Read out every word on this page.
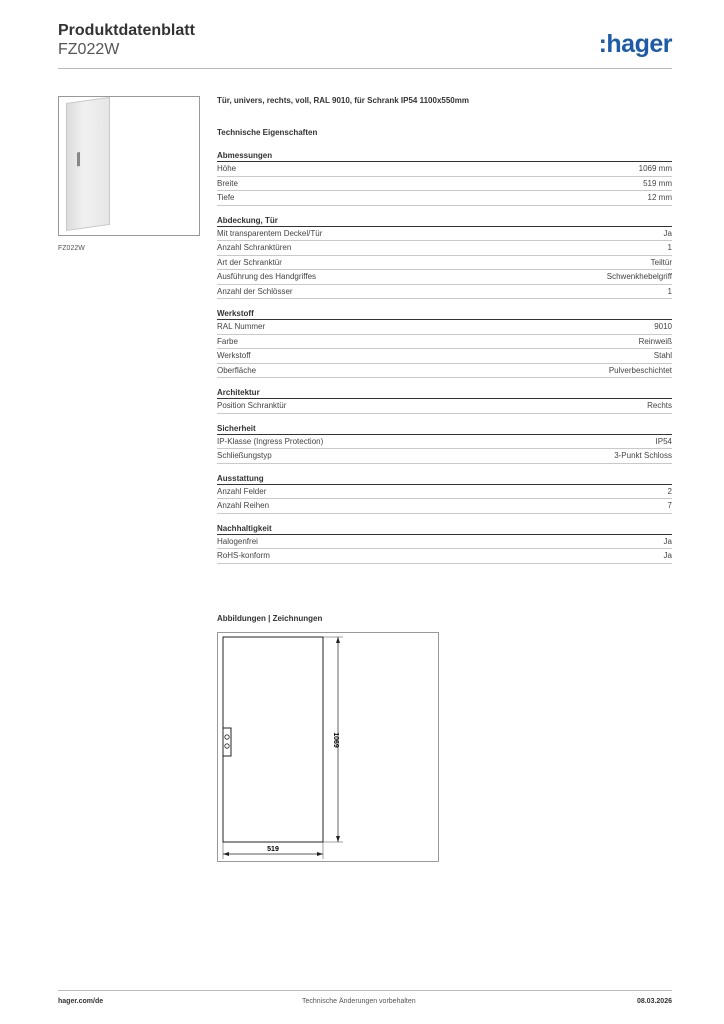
Produktdatenblatt
FZ022W	:hager
FZ022W
Tür, univers, rechts, voll, RAL 9010, für Schrank IP54 1100x550mm
Technische Eigenschaften
Abmessungen
Höhe	1069 mm
Breite	519 mm
Tiefe	12 mm
Abdeckung, Tür
Mit transparentem Deckel/Tür	Ja
Anzahl Schranktüren	1
Art der Schranktür	Teiltür
Ausführung des Handgriffes	Schwenkhebelgriff
Anzahl der Schlösser	1
Werkstoff
RAL Nummer	9010
Farbe	Reinweiß
Werkstoff	Stahl
Oberfläche	Pulverbeschichtet
Architektur
Position Schranktür	Rechts
Sicherheit
IP-Klasse (Ingress Protection)	IP54
Schließungstyp	3-Punkt Schloss
Ausstattung
Anzahl Felder	2
Anzahl Reihen	7
Nachhaltigkeit
Halogenfrei	Ja
RoHS-konform	Ja
Abbildungen | Zeichnungen
1069
519
hager.com/de	Technische Änderungen vorbehalten	08.03.2026
